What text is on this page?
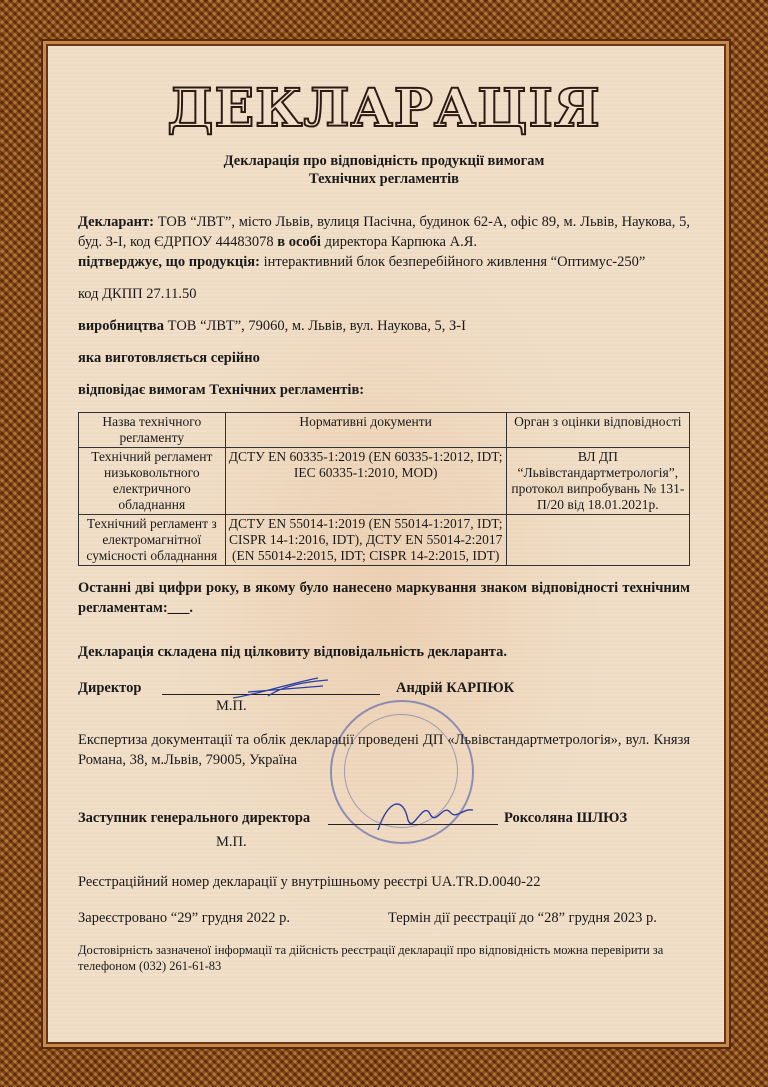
ДЕКЛАРАЦІЯ
Декларація про відповідність продукції вимогам
Технічних регламентів

Декларант: ТОВ “ЛВТ”, місто Львів, вулиця Пасічна, будинок 62-А, офіс 89, м. Львів, Наукова, 5, буд. З-І, код ЄДРПОУ 44483078 в особі директора Карпюка А.Я.

підтверджує, що продукція: інтерактивний блок безперебійного живлення “Оптимус-250”

код ДКПП 27.11.50

виробництва ТОВ “ЛВТ”, 79060, м. Львів, вул. Наукова, 5, З-І

яка виготовляється серійно

відповідає вимогам Технічних регламентів:

Назва технічного регламенту	Нормативні документи	Орган з оцінки відповідності
Технічний регламент низьковольтного електричного обладнання	ДСТУ EN 60335-1:2019 (EN 60335-1:2012, IDT; IEC 60335-1:2010, MOD)	ВЛ ДП “Львівстандартметрологія”, протокол випробувань № 131-П/20 від 18.01.2021р.
Технічний регламент з електромагнітної сумісності обладнання	ДСТУ EN 55014-1:2019 (EN 55014-1:2017, IDT; CISPR 14-1:2016, IDT), ДСТУ EN 55014-2:2017 (EN 55014-2:2015, IDT; CISPR 14-2:2015, IDT)	

Останні дві цифри року, в якому було нанесено маркування знаком відповідності технічним регламентам:___.

Декларація складена під цілковиту відповідальність декларанта.

Директор	Андрій КАРПЮК
М.П.

Експертиза документації та облік декларації проведені ДП «Львівстандартметрологія», вул. Князя Романа, 38, м.Львів, 79005, Україна

Заступник генерального директора	Роксоляна ШЛЮЗ
М.П.

Реєстраційний номер декларації у внутрішньому реєстрі UA.TR.D.0040-22

Зареєстровано “29” грудня 2022 р.	Термін дії реєстрації до “28” грудня 2023 р.

Достовірність зазначеної інформації та дійсність реєстрації декларації про відповідність можна перевірити за телефоном (032) 261-61-83
